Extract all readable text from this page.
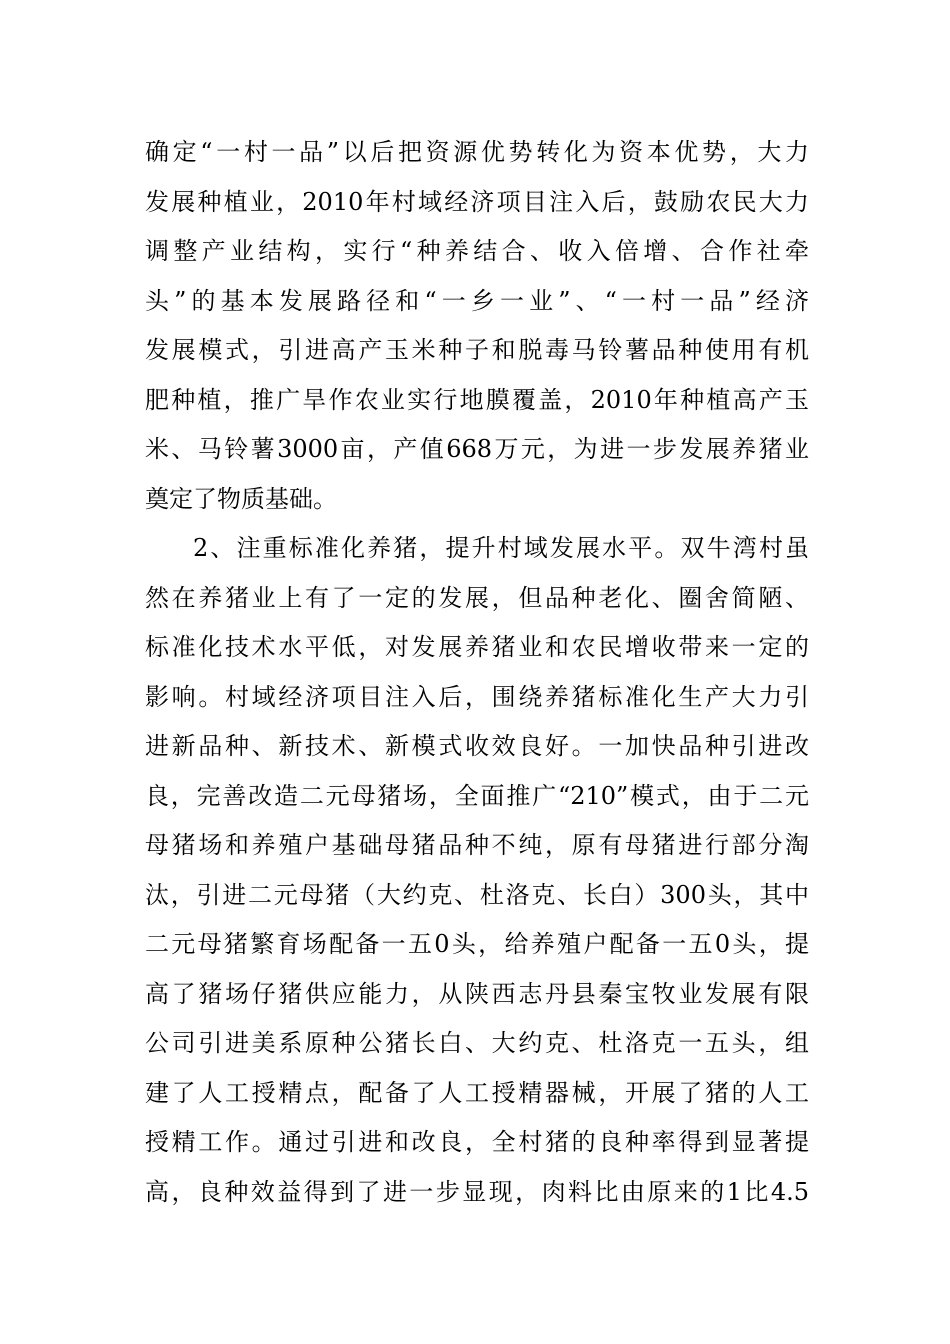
确定“一村一品”以后把资源优势转化为资本优势，大力
发展种植业，2010年村域经济项目注入后，鼓励农民大力
调整产业结构，实行“种养结合、收入倍增、合作社牵
头”的基本发展路径和“一乡一业”、“一村一品”经济
发展模式，引进高产玉米种子和脱毒马铃薯品种使用有机
肥种植，推广旱作农业实行地膜覆盖，2010年种植高产玉
米、马铃薯3000亩，产值668万元，为进一步发展养猪业
奠定了物质基础。
2、注重标准化养猪，提升村域发展水平。双牛湾村虽
然在养猪业上有了一定的发展，但品种老化、圈舍简陋、
标准化技术水平低，对发展养猪业和农民增收带来一定的
影响。村域经济项目注入后，围绕养猪标准化生产大力引
进新品种、新技术、新模式收效良好。一加快品种引进改
良，完善改造二元母猪场，全面推广“210”模式，由于二元
母猪场和养殖户基础母猪品种不纯，原有母猪进行部分淘
汰，引进二元母猪（大约克、杜洛克、长白）300头，其中
二元母猪繁育场配备一五0头，给养殖户配备一五0头，提
高了猪场仔猪供应能力，从陕西志丹县秦宝牧业发展有限
公司引进美系原种公猪长白、大约克、杜洛克一五头，组
建了人工授精点，配备了人工授精器械，开展了猪的人工
授精工作。通过引进和改良，全村猪的良种率得到显著提
高，良种效益得到了进一步显现，肉料比由原来的1比4.5
